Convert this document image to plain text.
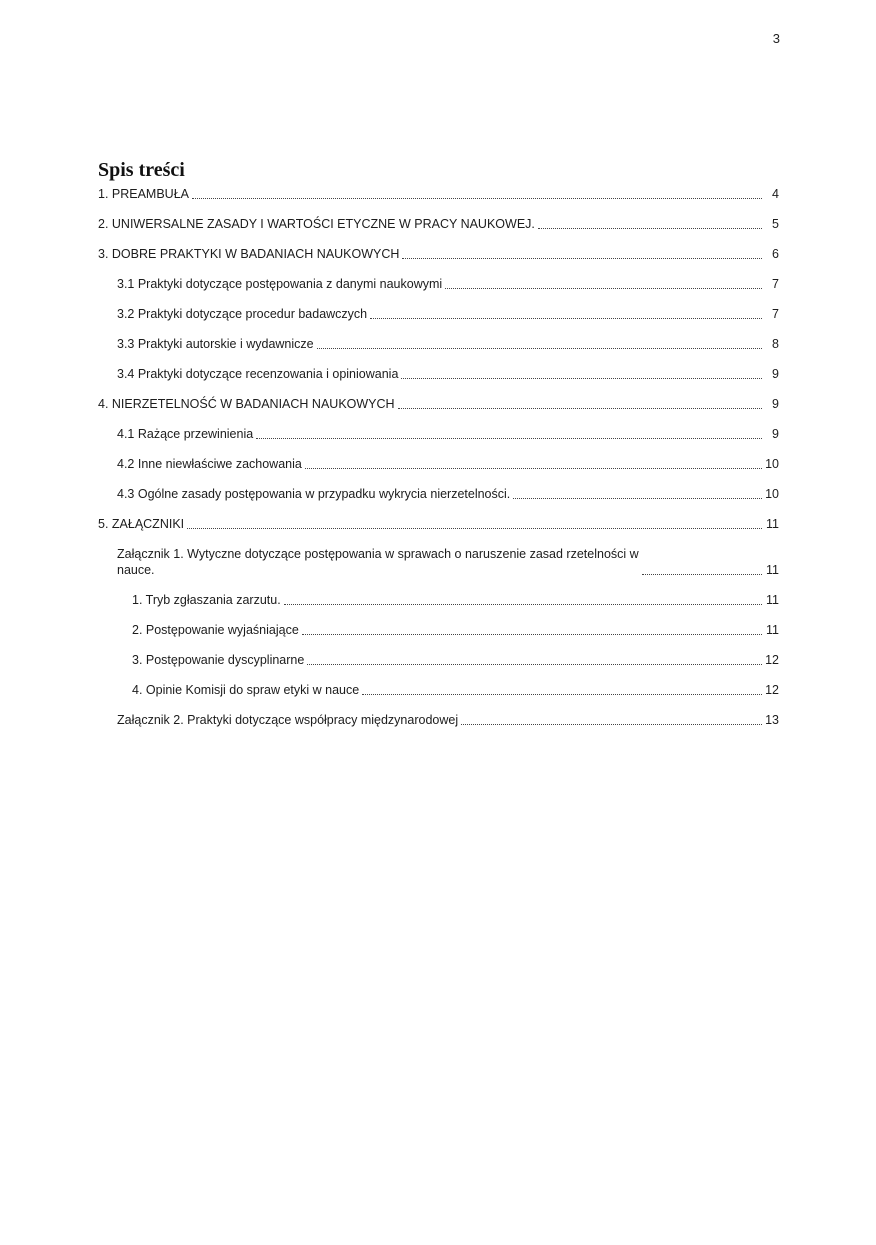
3
Spis treści
1. PREAMBUŁA	4
2. UNIWERSALNE ZASADY I WARTOŚCI ETYCZNE W PRACY NAUKOWEJ.	5
3. DOBRE PRAKTYKI W BADANIACH NAUKOWYCH	6
3.1 Praktyki dotyczące postępowania z danymi naukowymi	7
3.2 Praktyki dotyczące procedur badawczych	7
3.3 Praktyki autorskie i wydawnicze	8
3.4 Praktyki dotyczące recenzowania i opiniowania	9
4. NIERZETELNOŚĆ W BADANIACH NAUKOWYCH	9
4.1 Rażące przewinienia	9
4.2 Inne niewłaściwe zachowania	10
4.3 Ogólne zasady postępowania w przypadku wykrycia nierzetelności.	10
5. ZAŁĄCZNIKI	11
Załącznik 1. Wytyczne dotyczące postępowania w sprawach o naruszenie zasad rzetelności w
nauce.	11
1. Tryb zgłaszania zarzutu.	11
2. Postępowanie wyjaśniające	11
3. Postępowanie dyscyplinarne	12
4. Opinie Komisji do spraw etyki w nauce	12
Załącznik 2. Praktyki dotyczące współpracy międzynarodowej	13
